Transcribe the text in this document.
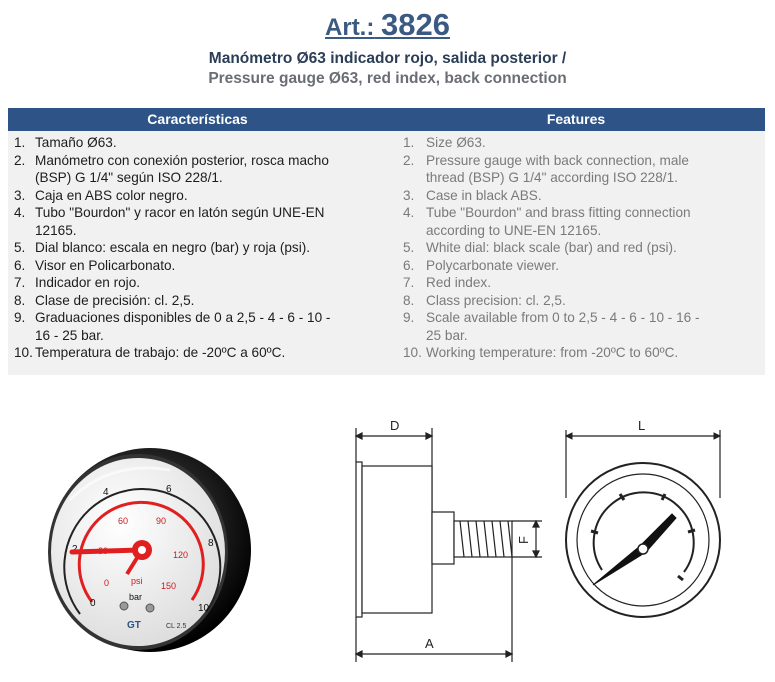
Art.: 3826
Manómetro Ø63 indicador rojo, salida posterior /
Pressure gauge Ø63, red index, back connection
Características	Features
1. Tamaño Ø63.
2. Manómetro con conexión posterior, rosca macho
(BSP) G 1/4" según ISO 228/1.
3. Caja en ABS color negro.
4. Tubo "Bourdon" y racor en latón según UNE-EN
12165.
5. Dial blanco: escala en negro (bar) y roja (psi).
6. Visor en Policarbonato.
7. Indicador en rojo.
8. Clase de precisión: cl. 2,5.
9. Graduaciones disponibles de 0 a 2,5 - 4 - 6 - 10 -
16 - 25 bar.
10. Temperatura de trabajo: de -20ºC a 60ºC.
1. Size Ø63.
2. Pressure gauge with back connection, male
thread (BSP) G 1/4" according ISO 228/1.
3. Case in black ABS.
4. Tube "Bourdon" and brass fitting connection
according to UNE-EN 12165.
5. White dial: black scale (bar) and red (psi).
6. Polycarbonate viewer.
7. Red index.
8. Class precision: cl. 2,5.
9. Scale available from 0 to 2,5 - 4 - 6 - 10 - 16 -
25 bar.
10. Working temperature: from -20ºC to 60ºC.
0
4	6
8
10
0
60	90
120
150
psi
bar
GT	CL 2.5
D
F
A
L
